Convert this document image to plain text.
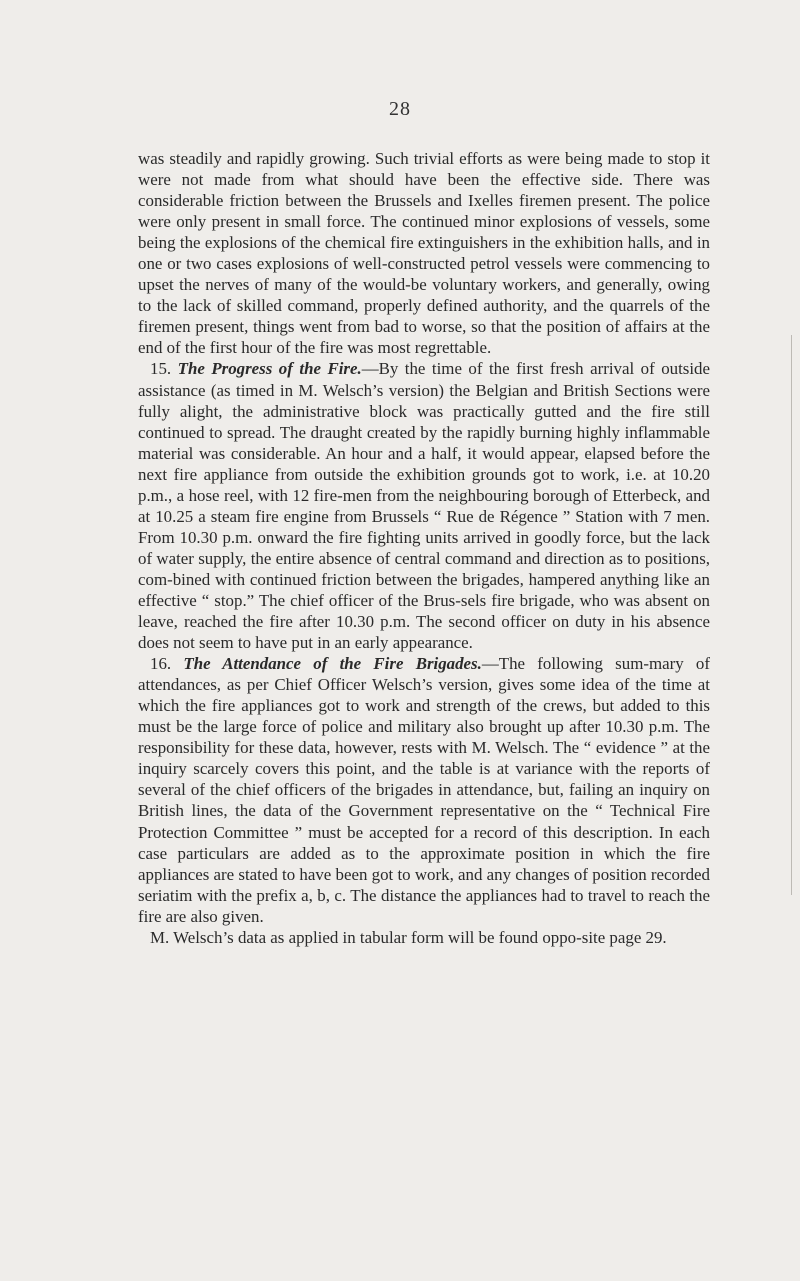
28

was steadily and rapidly growing. Such trivial efforts as were being made to stop it were not made from what should have been the effective side. There was considerable friction between the Brussels and Ixelles firemen present. The police were only present in small force. The continued minor explosions of vessels, some being the explosions of the chemical fire extinguishers in the exhibition halls, and in one or two cases explosions of well-constructed petrol vessels were commencing to upset the nerves of many of the would-be voluntary workers, and generally, owing to the lack of skilled command, properly defined authority, and the quarrels of the firemen present, things went from bad to worse, so that the position of affairs at the end of the first hour of the fire was most regrettable.

15. The Progress of the Fire.—By the time of the first fresh arrival of outside assistance (as timed in M. Welsch’s version) the Belgian and British Sections were fully alight, the administrative block was practically gutted and the fire still continued to spread. The draught created by the rapidly burning highly inflammable material was considerable. An hour and a half, it would appear, elapsed before the next fire appliance from outside the exhibition grounds got to work, i.e. at 10.20 p.m., a hose reel, with 12 fire-men from the neighbouring borough of Etterbeck, and at 10.25 a steam fire engine from Brussels “ Rue de Régence ” Station with 7 men. From 10.30 p.m. onward the fire fighting units arrived in goodly force, but the lack of water supply, the entire absence of central command and direction as to positions, com-bined with continued friction between the brigades, hampered anything like an effective “ stop.” The chief officer of the Brus-sels fire brigade, who was absent on leave, reached the fire after 10.30 p.m. The second officer on duty in his absence does not seem to have put in an early appearance.

16. The Attendance of the Fire Brigades.—The following sum-mary of attendances, as per Chief Officer Welsch’s version, gives some idea of the time at which the fire appliances got to work and strength of the crews, but added to this must be the large force of police and military also brought up after 10.30 p.m. The responsibility for these data, however, rests with M. Welsch. The “ evidence ” at the inquiry scarcely covers this point, and the table is at variance with the reports of several of the chief officers of the brigades in attendance, but, failing an inquiry on British lines, the data of the Government representative on the “ Technical Fire Protection Committee ” must be accepted for a record of this description. In each case particulars are added as to the approximate position in which the fire appliances are stated to have been got to work, and any changes of position recorded seriatim with the prefix a, b, c. The distance the appliances had to travel to reach the fire are also given.

M. Welsch’s data as applied in tabular form will be found oppo-site page 29.
